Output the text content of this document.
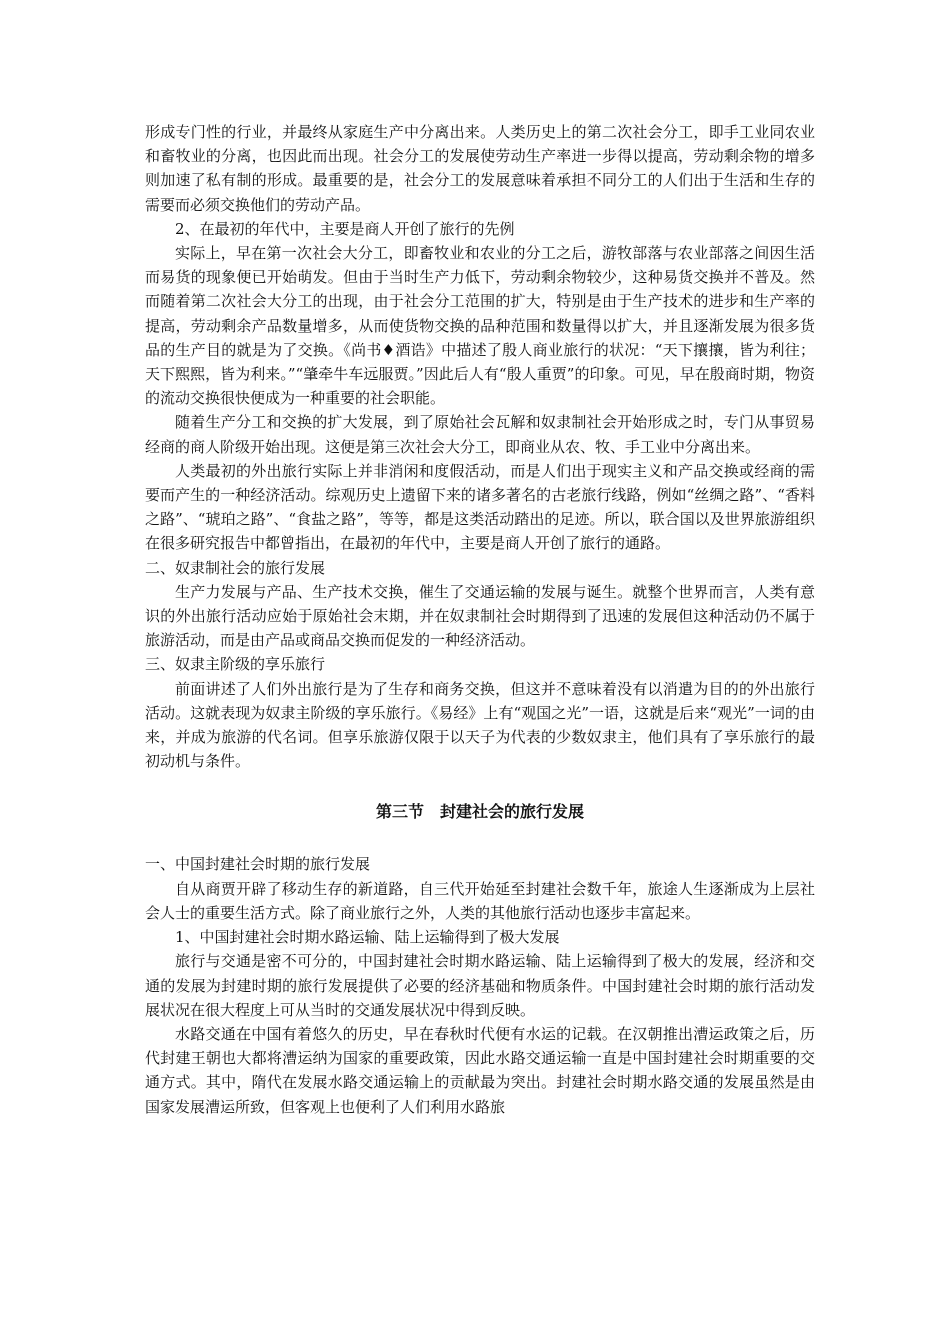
形成专门性的行业，并最终从家庭生产中分离出来。人类历史上的第二次社会分工，即手工业同农业和畜牧业的分离，也因此而出现。社会分工的发展使劳动生产率进一步得以提高，劳动剩余物的增多则加速了私有制的形成。最重要的是，社会分工的发展意味着承担不同分工的人们出于生活和生存的需要而必须交换他们的劳动产品。

2、在最初的年代中，主要是商人开创了旅行的先例

实际上，早在第一次社会大分工，即畜牧业和农业的分工之后，游牧部落与农业部落之间因生活而易货的现象便已开始萌发。但由于当时生产力低下，劳动剩余物较少，这种易货交换并不普及。然而随着第二次社会大分工的出现，由于社会分工范围的扩大，特别是由于生产技术的进步和生产率的提高，劳动剩余产品数量增多，从而使货物交换的品种范围和数量得以扩大，并且逐渐发展为很多货品的生产目的就是为了交换。《尚书♦酒诰》中描述了殷人商业旅行的状况：“天下攘攘，皆为利往；天下熙熙，皆为利来。”“肇牵牛车远服贾。”因此后人有“殷人重贾”的印象。可见，早在殷商时期，物资的流动交换很快便成为一种重要的社会职能。

随着生产分工和交换的扩大发展，到了原始社会瓦解和奴隶制社会开始形成之时，专门从事贸易经商的商人阶级开始出现。这便是第三次社会大分工，即商业从农、牧、手工业中分离出来。

人类最初的外出旅行实际上并非消闲和度假活动，而是人们出于现实主义和产品交换或经商的需要而产生的一种经济活动。综观历史上遗留下来的诸多著名的古老旅行线路，例如“丝绸之路”、“香料之路”、“琥珀之路”、“食盐之路”，等等，都是这类活动踏出的足迹。所以，联合国以及世界旅游组织在很多研究报告中都曾指出，在最初的年代中，主要是商人开创了旅行的通路。

二、奴隶制社会的旅行发展

生产力发展与产品、生产技术交换，催生了交通运输的发展与诞生。就整个世界而言，人类有意识的外出旅行活动应始于原始社会末期，并在奴隶制社会时期得到了迅速的发展但这种活动仍不属于旅游活动，而是由产品或商品交换而促发的一种经济活动。

三、奴隶主阶级的享乐旅行

前面讲述了人们外出旅行是为了生存和商务交换，但这并不意味着没有以消遣为目的的外出旅行活动。这就表现为奴隶主阶级的享乐旅行。《易经》上有“观国之光”一语，这就是后来“观光”一词的由来，并成为旅游的代名词。但享乐旅游仅限于以天子为代表的少数奴隶主，他们具有了享乐旅行的最初动机与条件。

第三节　封建社会的旅行发展

一、中国封建社会时期的旅行发展

自从商贾开辟了移动生存的新道路，自三代开始延至封建社会数千年，旅途人生逐渐成为上层社会人士的重要生活方式。除了商业旅行之外，人类的其他旅行活动也逐步丰富起来。

1、中国封建社会时期水路运输、陆上运输得到了极大发展

旅行与交通是密不可分的，中国封建社会时期水路运输、陆上运输得到了极大的发展，经济和交通的发展为封建时期的旅行发展提供了必要的经济基础和物质条件。中国封建社会时期的旅行活动发展状况在很大程度上可从当时的交通发展状况中得到反映。

水路交通在中国有着悠久的历史，早在春秋时代便有水运的记载。在汉朝推出漕运政策之后，历代封建王朝也大都将漕运纳为国家的重要政策，因此水路交通运输一直是中国封建社会时期重要的交通方式。其中，隋代在发展水路交通运输上的贡献最为突出。封建社会时期水路交通的发展虽然是由国家发展漕运所致，但客观上也便利了人们利用水路旅
